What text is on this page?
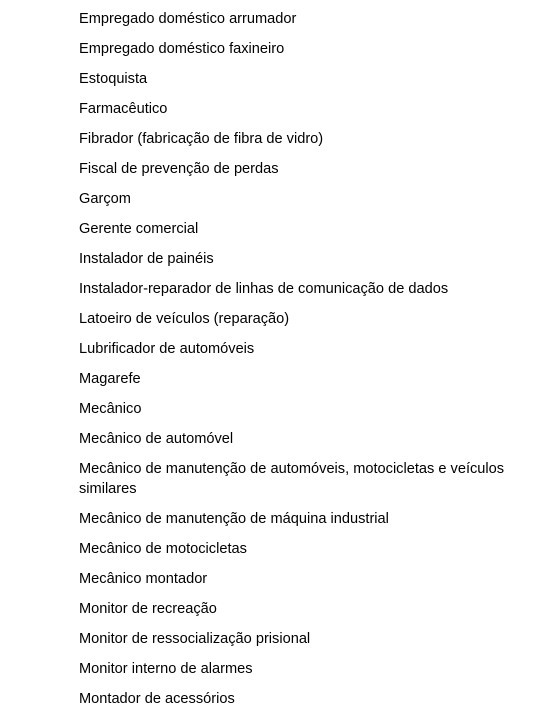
Empregado doméstico arrumador
Empregado doméstico faxineiro
Estoquista
Farmacêutico
Fibrador (fabricação de fibra de vidro)
Fiscal de prevenção de perdas
Garçom
Gerente comercial
Instalador de painéis
Instalador-reparador de linhas de comunicação de dados
Latoeiro de veículos (reparação)
Lubrificador de automóveis
Magarefe
Mecânico
Mecânico de automóvel
Mecânico de manutenção de automóveis, motocicletas e veículos similares
Mecânico de manutenção de máquina industrial
Mecânico de motocicletas
Mecânico montador
Monitor de recreação
Monitor de ressocialização prisional
Monitor interno de alarmes
Montador de acessórios
